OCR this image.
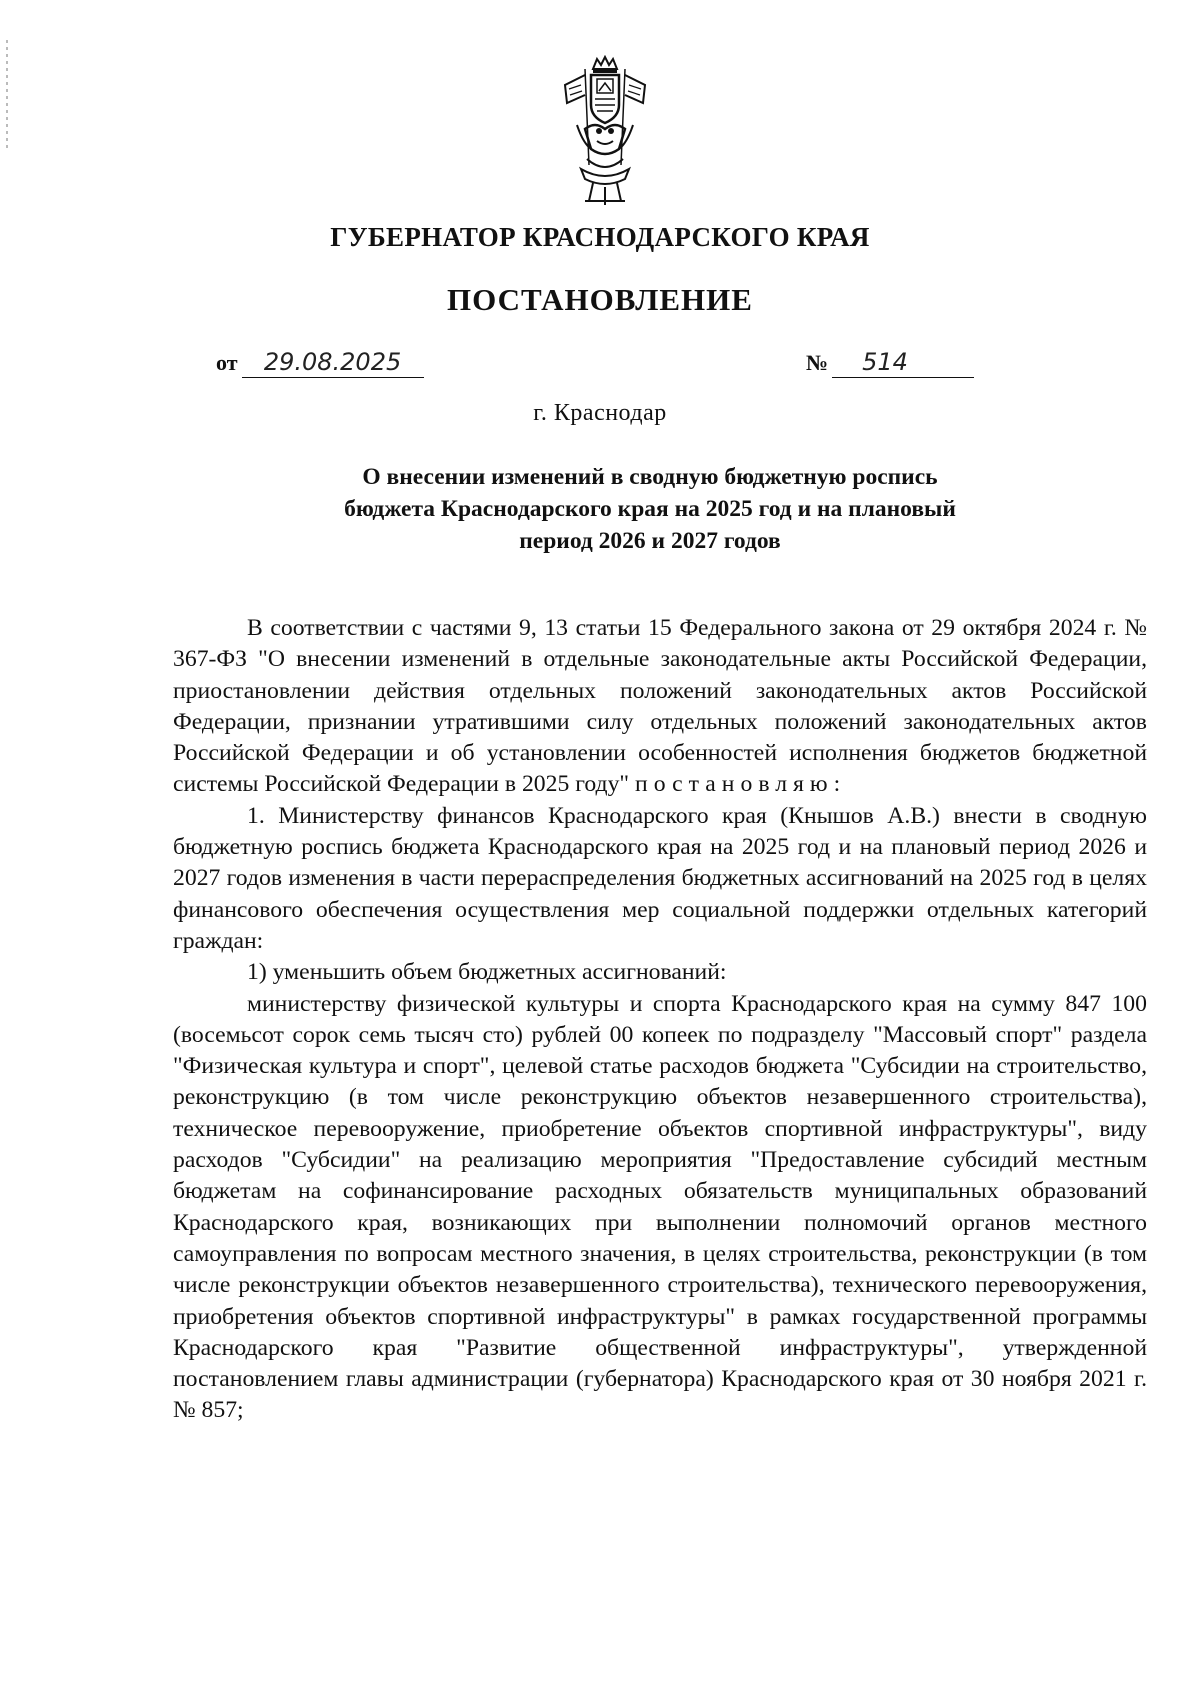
ГУБЕРНАТОР КРАСНОДАРСКОГО КРАЯ
ПОСТАНОВЛЕНИЕ
от	29.08.2025	№	514
г. Краснодар
О внесении изменений в сводную бюджетную роспись
бюджета Краснодарского края на 2025 год и на плановый
период 2026 и 2027 годов

В соответствии с частями 9, 13 статьи 15 Федерального закона от 29 октября 2024 г. № 367-ФЗ "О внесении изменений в отдельные законодательные акты Российской Федерации, приостановлении действия отдельных положений законодательных актов Российской Федерации, признании утратившими силу отдельных положений законодательных актов Российской Федерации и об установлении особенностей исполнения бюджетов бюджетной системы Российской Федерации в 2025 году" постановляю:

1. Министерству финансов Краснодарского края (Кнышов А.В.) внести в сводную бюджетную роспись бюджета Краснодарского края на 2025 год и на плановый период 2026 и 2027 годов изменения в части перераспределения бюджетных ассигнований на 2025 год в целях финансового обеспечения осуществления мер социальной поддержки отдельных категорий граждан:

1) уменьшить объем бюджетных ассигнований:

министерству физической культуры и спорта Краснодарского края на сумму 847 100 (восемьсот сорок семь тысяч сто) рублей 00 копеек по подразделу "Массовый спорт" раздела "Физическая культура и спорт", целевой статье расходов бюджета "Субсидии на строительство, реконструкцию (в том числе реконструкцию объектов незавершенного строительства), техническое перевооружение, приобретение объектов спортивной инфраструктуры", виду расходов "Субсидии" на реализацию мероприятия "Предоставление субсидий местным бюджетам на софинансирование расходных обязательств муниципальных образований Краснодарского края, возникающих при выполнении полномочий органов местного самоуправления по вопросам местного значения, в целях строительства, реконструкции (в том числе реконструкции объектов незавершенного строительства), технического перевооружения, приобретения объектов спортивной инфраструктуры" в рамках государственной программы Краснодарского края "Развитие общественной инфраструктуры", утвержденной постановлением главы администрации (губернатора) Краснодарского края от 30 ноября 2021 г. № 857;
